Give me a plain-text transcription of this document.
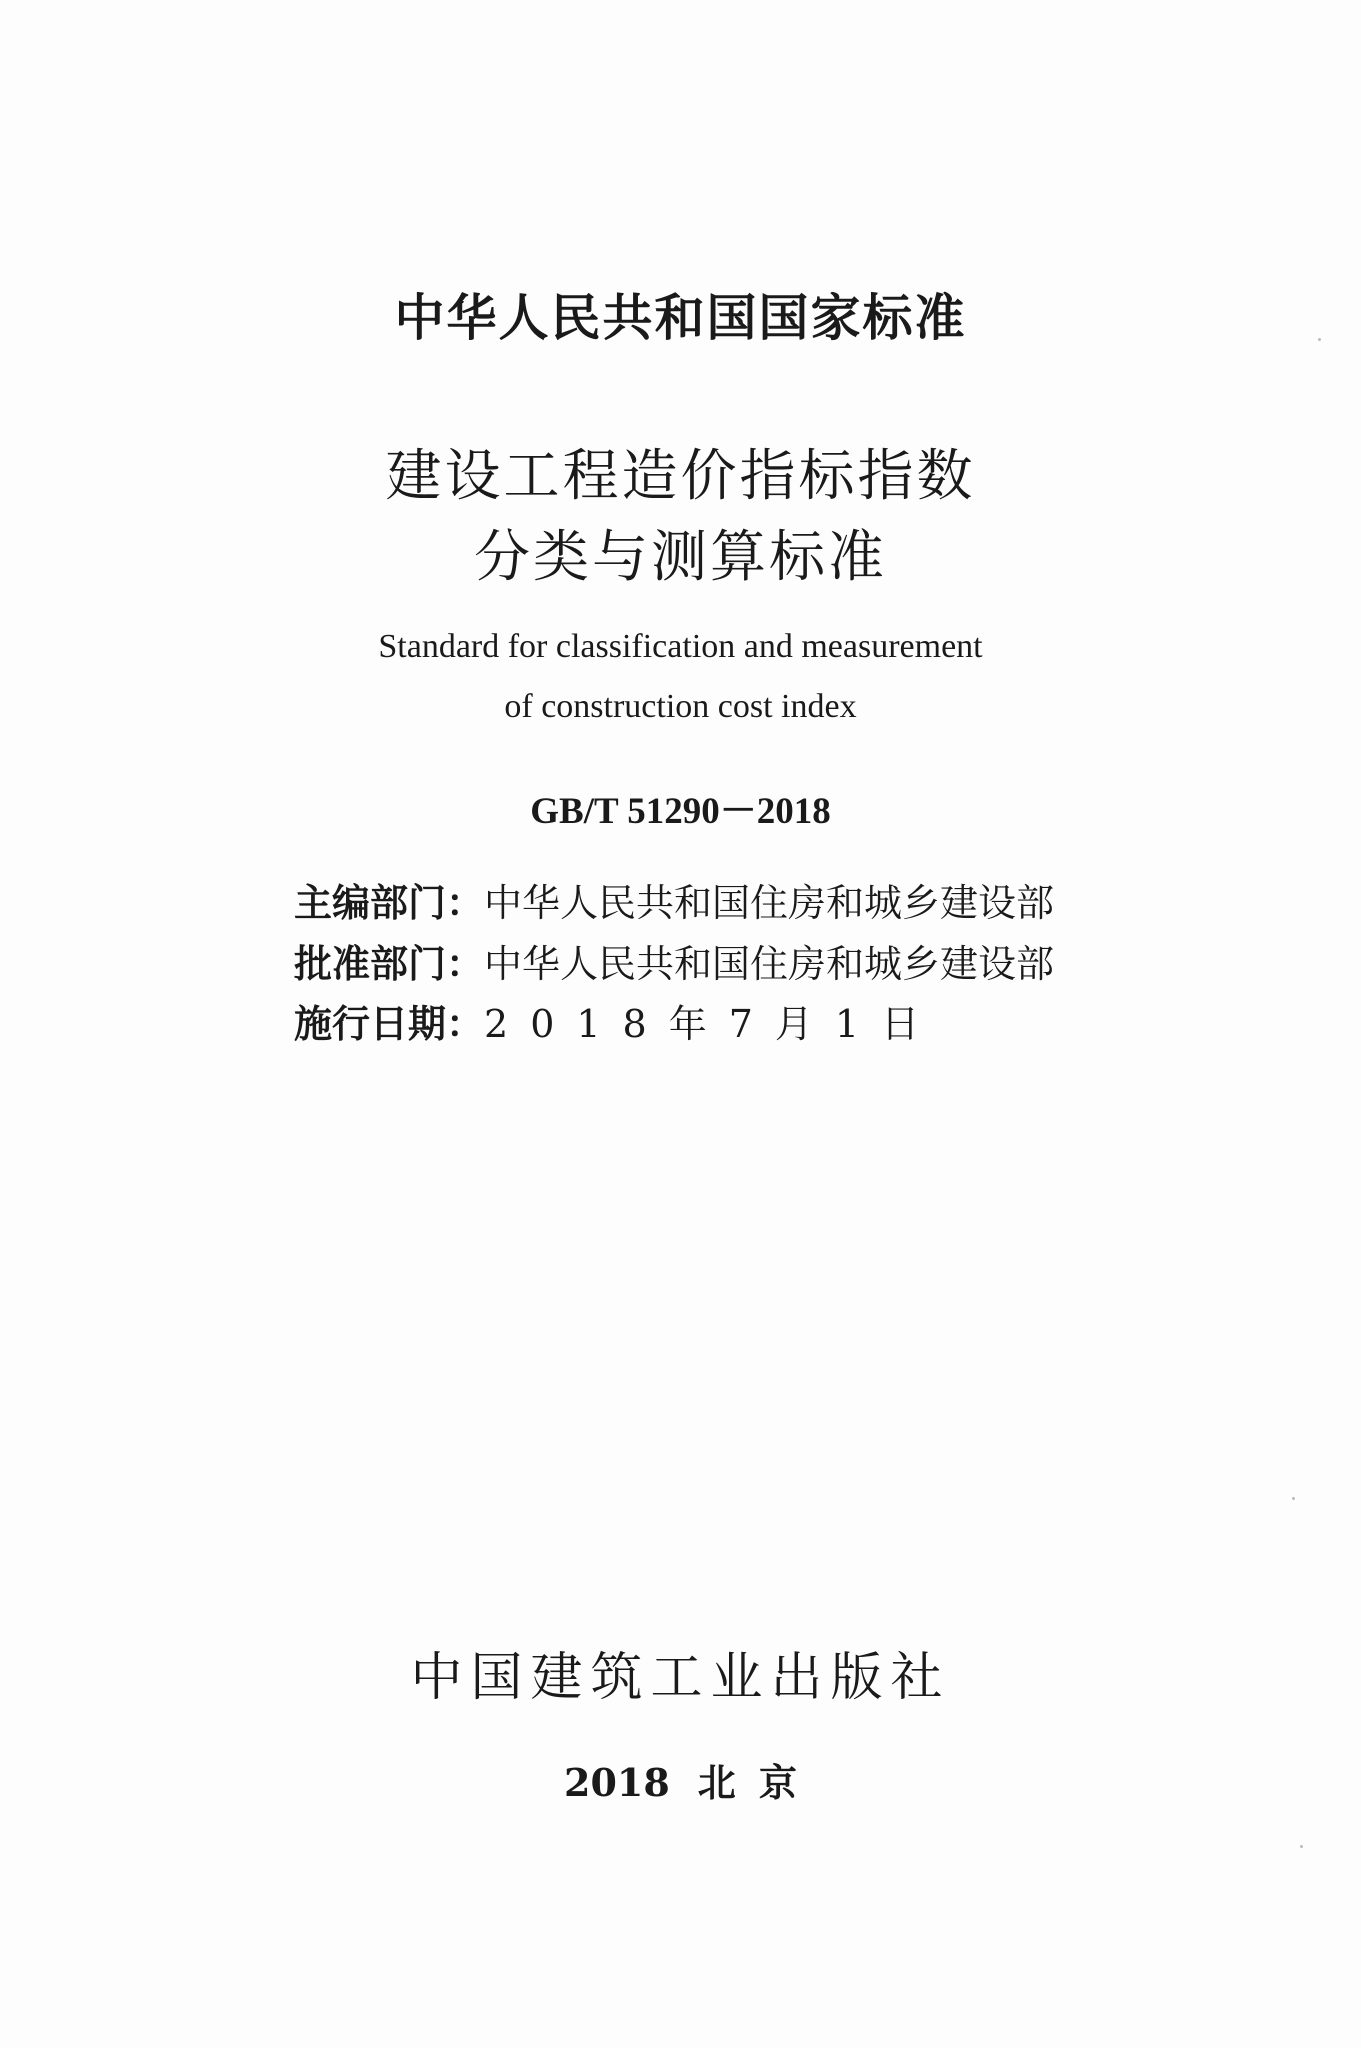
中华人民共和国国家标准
建设工程造价指标指数
分类与测算标准
Standard for classification and measurement
of construction cost index
GB/T 51290－2018
主编部门：中华人民共和国住房和城乡建设部
批准部门：中华人民共和国住房和城乡建设部
施行日期：2018年7月1日
中国建筑工业出版社
2018 北 京
